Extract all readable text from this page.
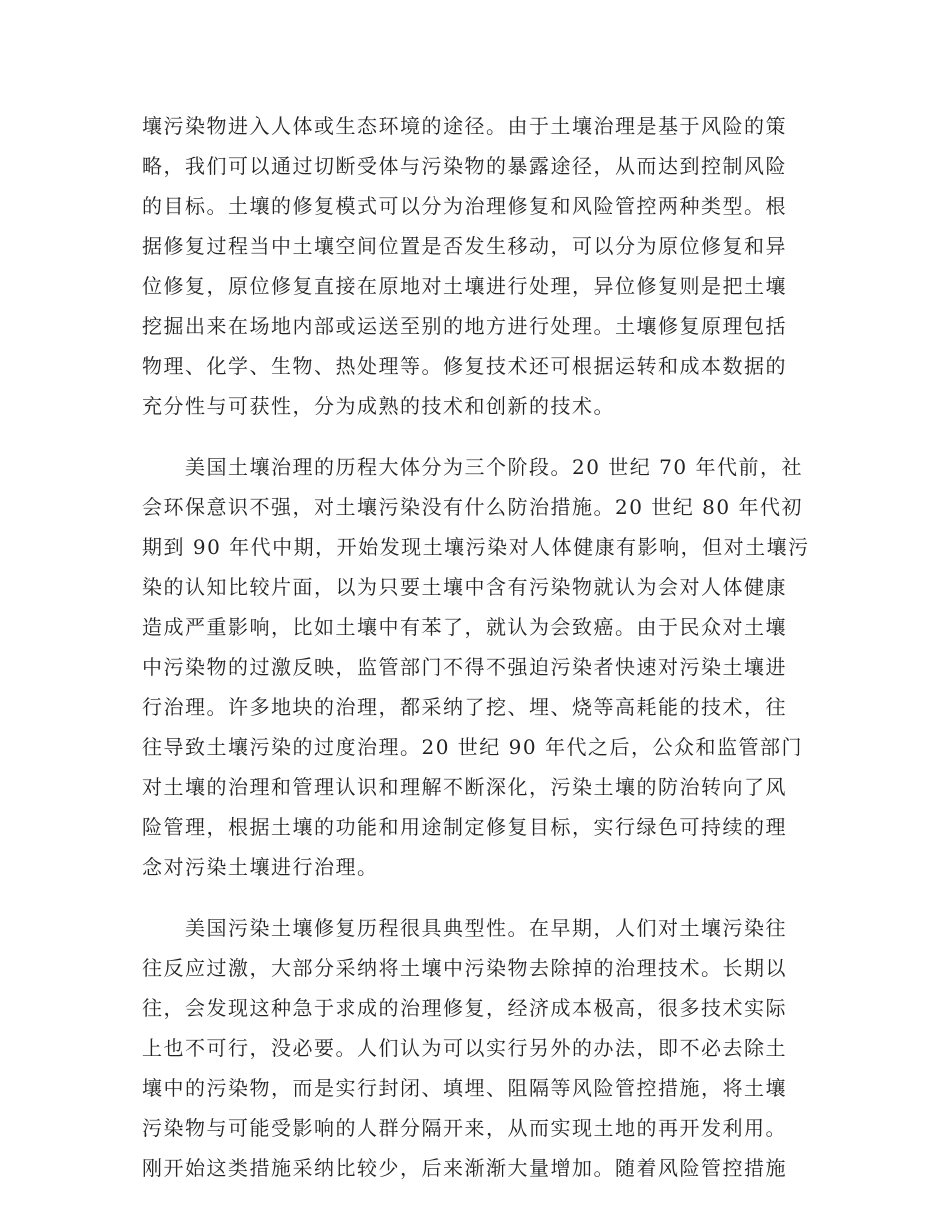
壤污染物进入人体或生态环境的途径。由于土壤治理是基于风险的策
略，我们可以通过切断受体与污染物的暴露途径，从而达到控制风险
的目标。土壤的修复模式可以分为治理修复和风险管控两种类型。根
据修复过程当中土壤空间位置是否发生移动，可以分为原位修复和异
位修复，原位修复直接在原地对土壤进行处理，异位修复则是把土壤
挖掘出来在场地内部或运送至别的地方进行处理。土壤修复原理包括
物理、化学、生物、热处理等。修复技术还可根据运转和成本数据的
充分性与可获性，分为成熟的技术和创新的技术。
　　美国土壤治理的历程大体分为三个阶段。20 世纪 70 年代前，社
会环保意识不强，对土壤污染没有什么防治措施。20 世纪 80 年代初
期到 90 年代中期，开始发现土壤污染对人体健康有影响，但对土壤污
染的认知比较片面，以为只要土壤中含有污染物就认为会对人体健康
造成严重影响，比如土壤中有苯了，就认为会致癌。由于民众对土壤
中污染物的过激反映，监管部门不得不强迫污染者快速对污染土壤进
行治理。许多地块的治理，都采纳了挖、埋、烧等高耗能的技术，往
往导致土壤污染的过度治理。20 世纪 90 年代之后，公众和监管部门
对土壤的治理和管理认识和理解不断深化，污染土壤的防治转向了风
险管理，根据土壤的功能和用途制定修复目标，实行绿色可持续的理
念对污染土壤进行治理。
　　美国污染土壤修复历程很具典型性。在早期，人们对土壤污染往
往反应过激，大部分采纳将土壤中污染物去除掉的治理技术。长期以
往，会发现这种急于求成的治理修复，经济成本极高，很多技术实际
上也不可行，没必要。人们认为可以实行另外的办法，即不必去除土
壤中的污染物，而是实行封闭、填埋、阻隔等风险管控措施，将土壤
污染物与可能受影响的人群分隔开来，从而实现土地的再开发利用。
刚开始这类措施采纳比较少，后来渐渐大量增加。随着风险管控措施
